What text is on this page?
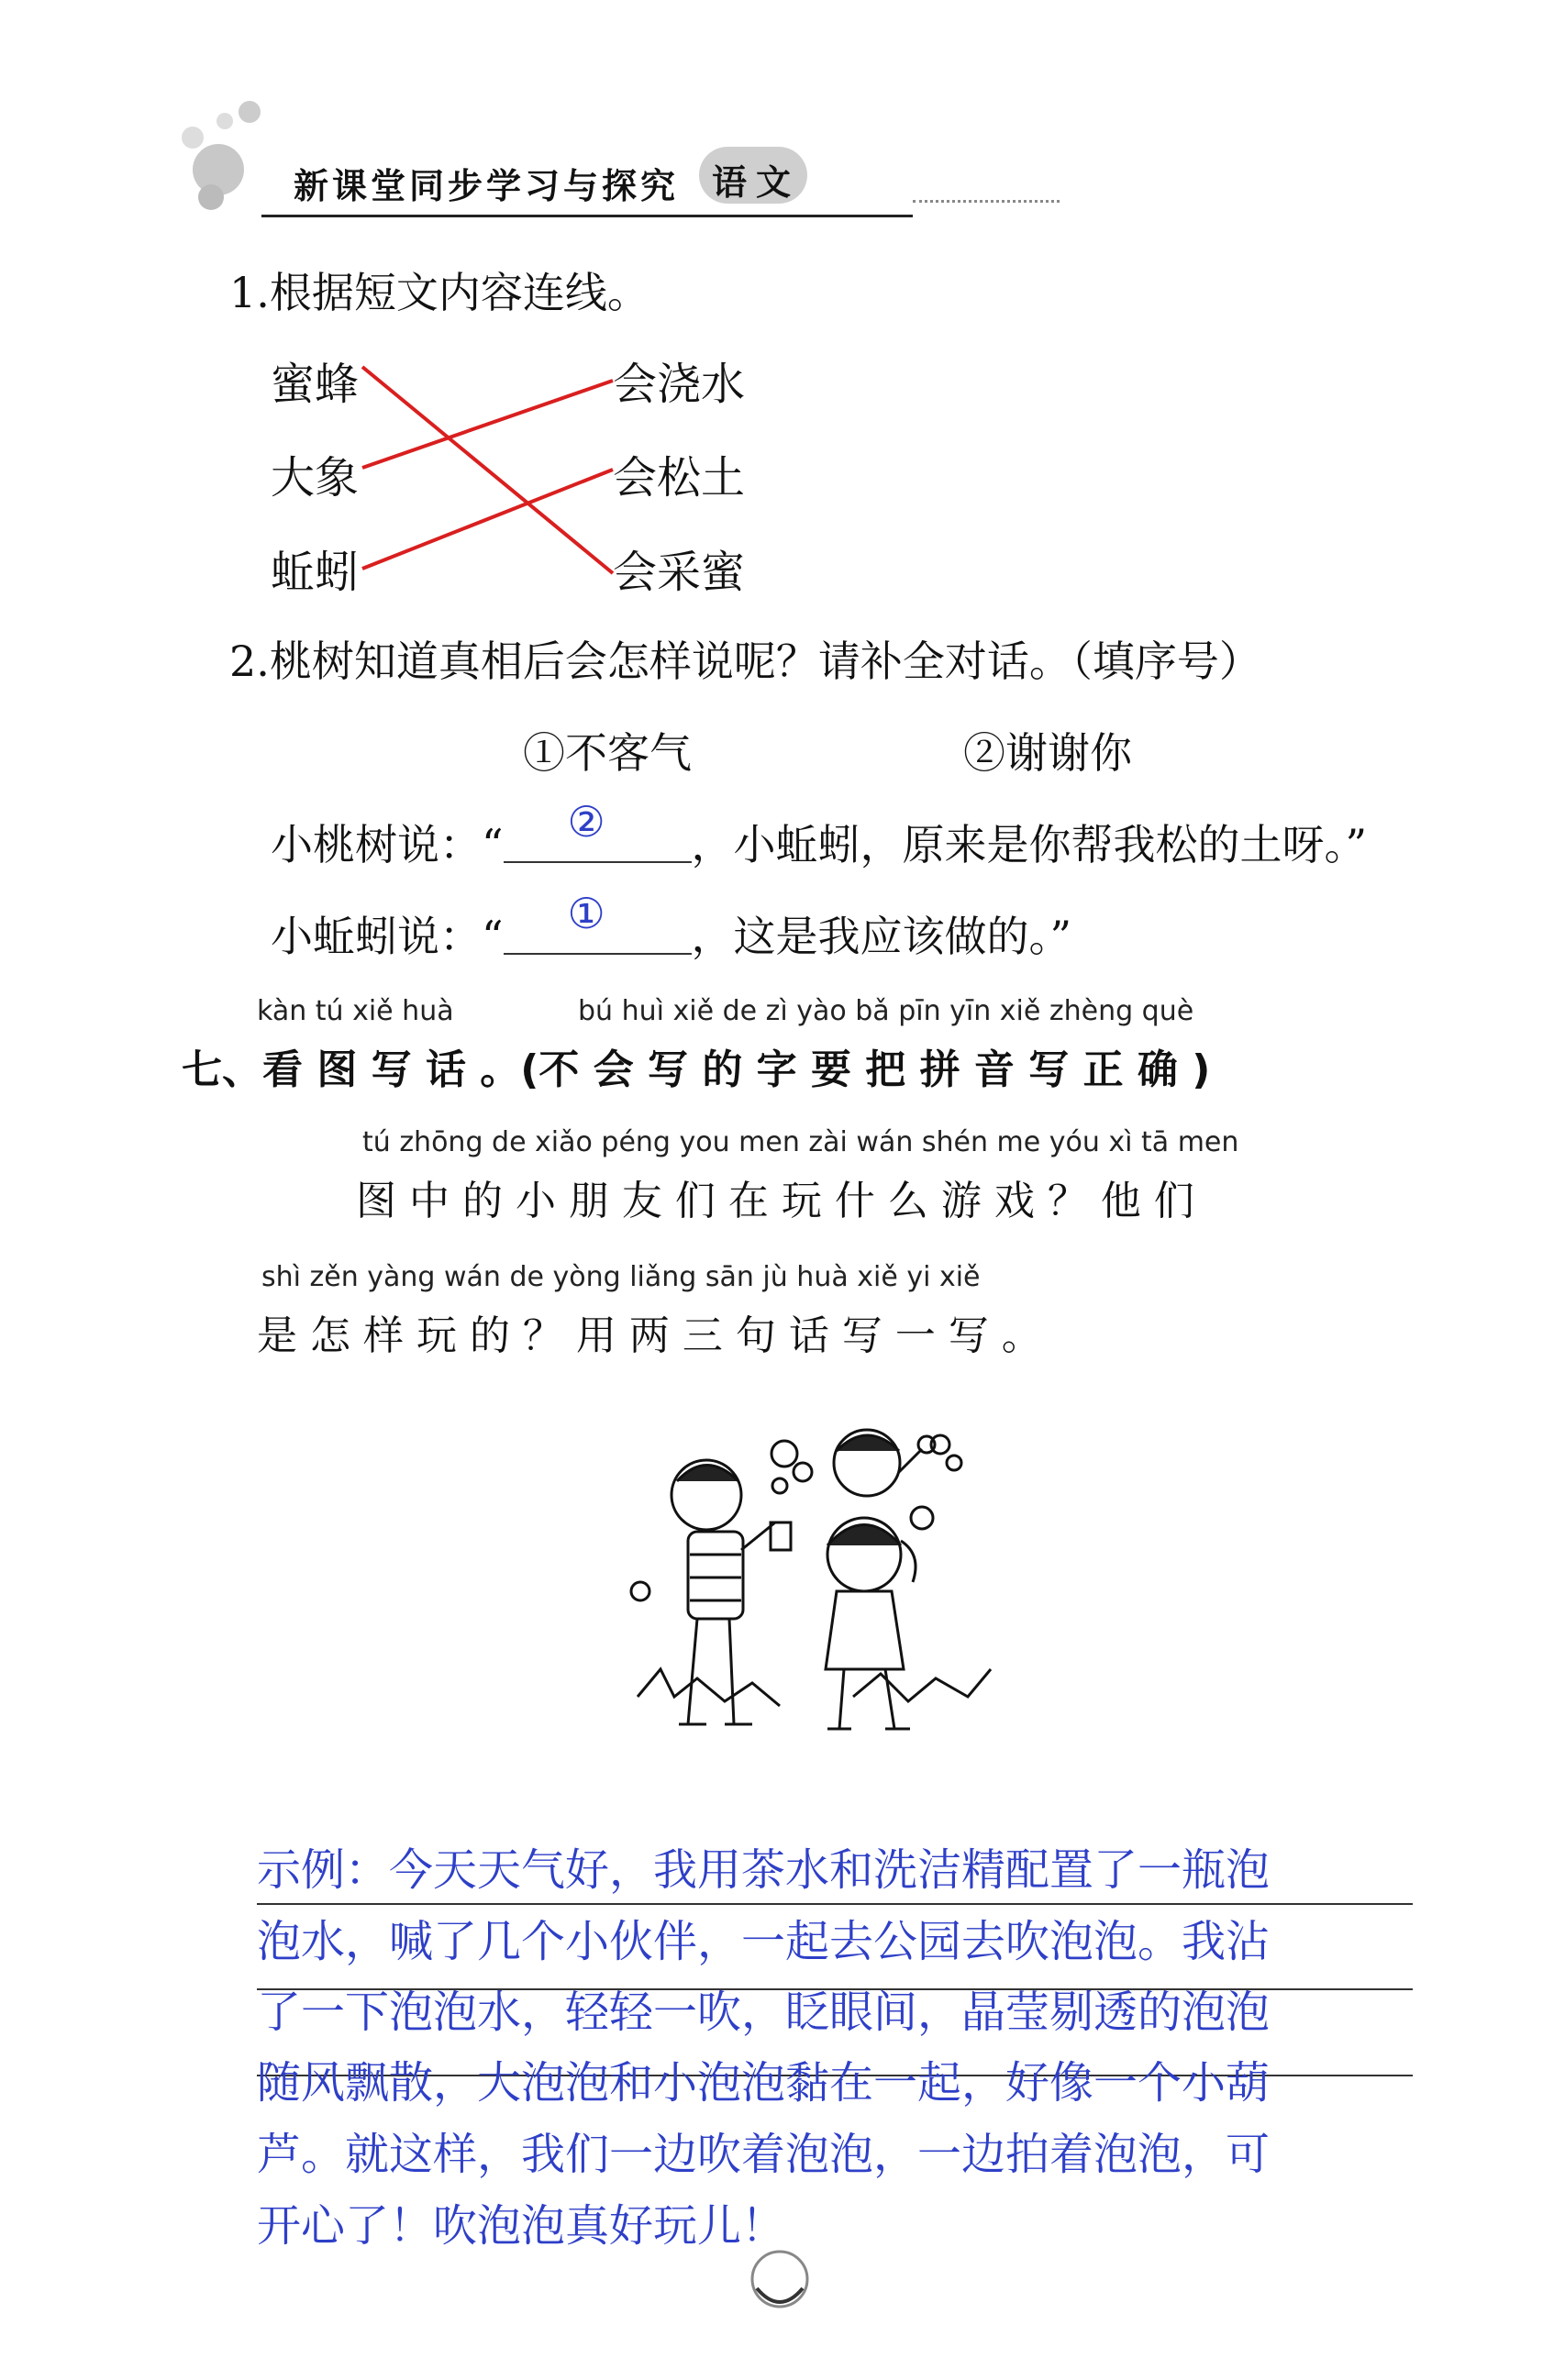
新课堂同步学习与探究 语 文
1.根据短文内容连线。
蜜蜂
大象
蚯蚓
会浇水
会松土
会采蜜
2.桃树知道真相后会怎样说呢？请补全对话。（填序号）
①不客气	②谢谢你
小桃树说：“ ② ，小蚯蚓，原来是你帮我松的土呀。”
小蚯蚓说：“ ① ，这是我应该做的。”
kàn tú xiě huà	bú huì xiě de zì yào bǎ pīn yīn xiě zhèng què
七、看 图 写 话 。(不 会 写 的 字 要 把 拼 音 写 正 确 )
tú zhōng de xiǎo péng you men zài wán shén me yóu xì tā men
图 中 的 小 朋 友 们 在 玩 什 么 游 戏 ？ 他 们
shì zěn yàng wán de yòng liǎng sān jù huà xiě yi xiě
是 怎 样 玩 的 ？ 用 两 三 句 话 写 一 写 。
示例：今天天气好，我用茶水和洗洁精配置了一瓶泡
泡水，喊了几个小伙伴，一起去公园去吹泡泡。我沾
了一下泡泡水，轻轻一吹，眨眼间，晶莹剔透的泡泡
随风飘散，大泡泡和小泡泡黏在一起，好像一个小葫
芦。就这样，我们一边吹着泡泡，一边拍着泡泡，可
开心了！吹泡泡真好玩儿！
